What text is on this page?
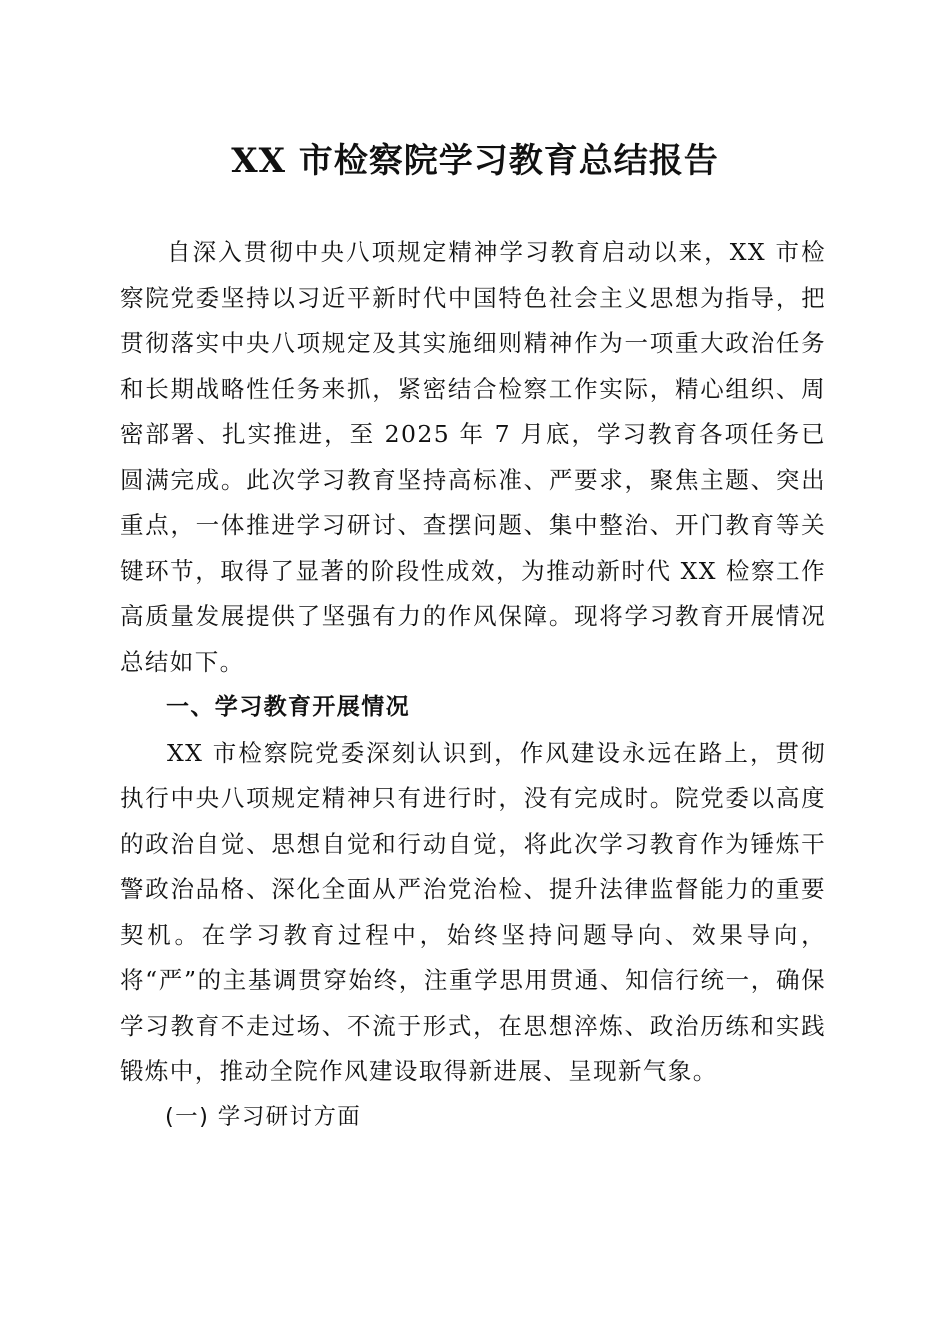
XX 市检察院学习教育总结报告

自深入贯彻中央八项规定精神学习教育启动以来，XX 市检察院党委坚持以习近平新时代中国特色社会主义思想为指导，把贯彻落实中央八项规定及其实施细则精神作为一项重大政治任务和长期战略性任务来抓，紧密结合检察工作实际，精心组织、周密部署、扎实推进，至 2025 年 7 月底，学习教育各项任务已圆满完成。此次学习教育坚持高标准、严要求，聚焦主题、突出重点，一体推进学习研讨、查摆问题、集中整治、开门教育等关键环节，取得了显著的阶段性成效，为推动新时代 XX 检察工作高质量发展提供了坚强有力的作风保障。现将学习教育开展情况总结如下。

一、学习教育开展情况

XX 市检察院党委深刻认识到，作风建设永远在路上，贯彻执行中央八项规定精神只有进行时，没有完成时。院党委以高度的政治自觉、思想自觉和行动自觉，将此次学习教育作为锤炼干警政治品格、深化全面从严治党治检、提升法律监督能力的重要契机。在学习教育过程中，始终坚持问题导向、效果导向，将“严”的主基调贯穿始终，注重学思用贯通、知信行统一，确保学习教育不走过场、不流于形式，在思想淬炼、政治历练和实践锻炼中，推动全院作风建设取得新进展、呈现新气象。

(一) 学习研讨方面
